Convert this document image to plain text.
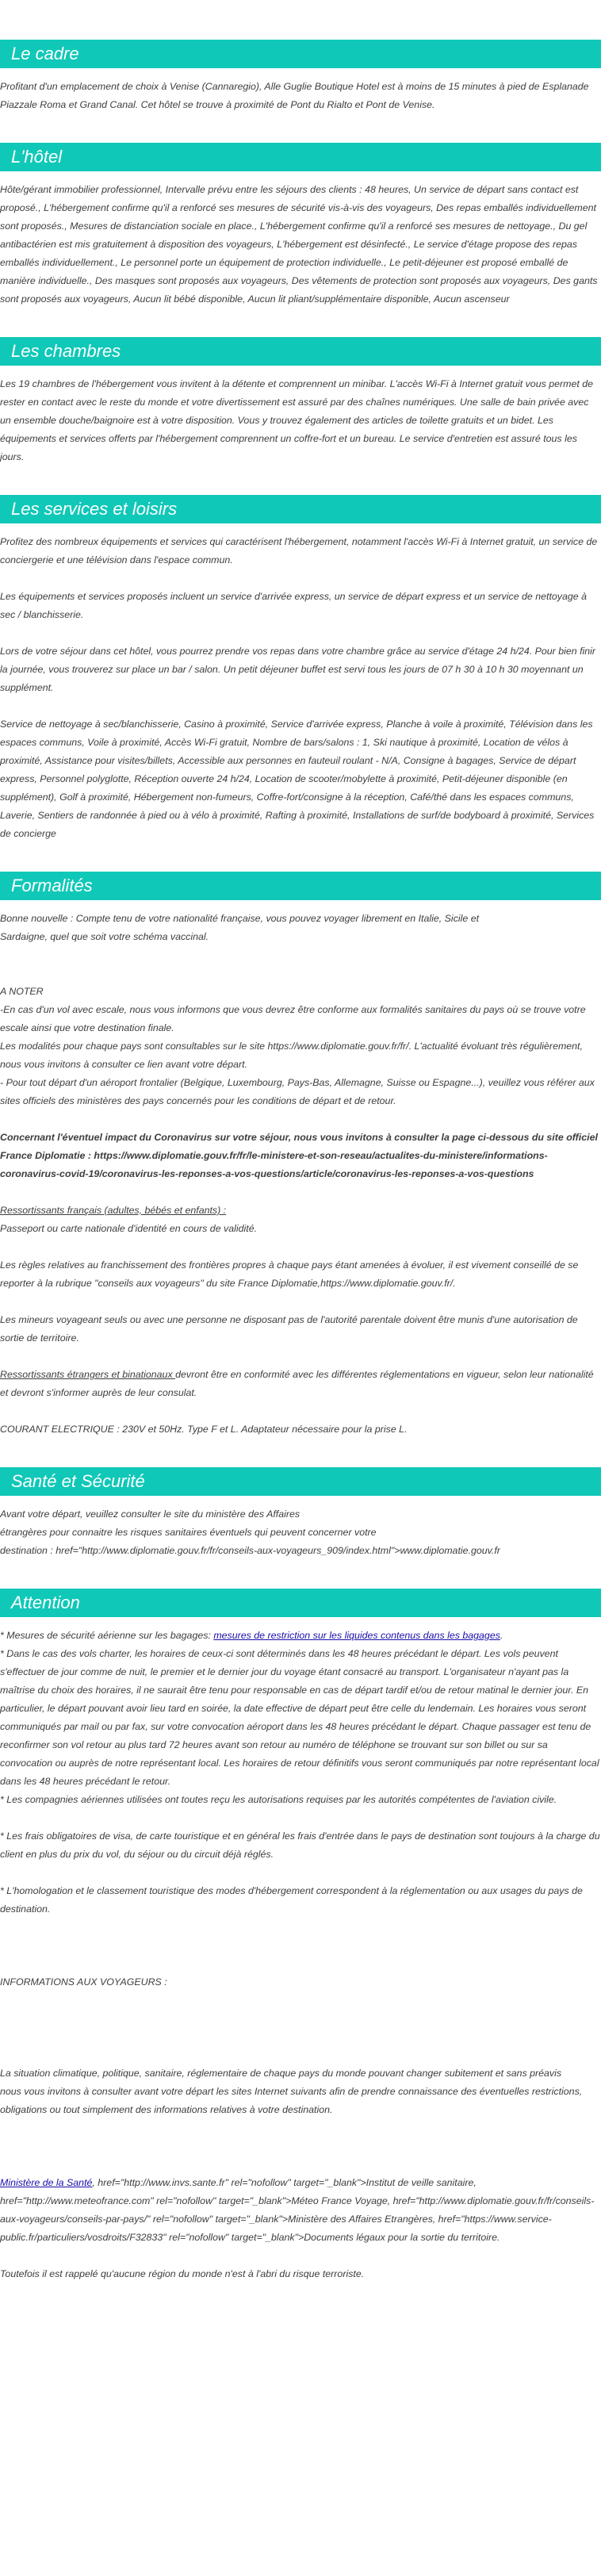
Le cadre

Profitant d'un emplacement de choix à Venise (Cannaregio), Alle Guglie Boutique Hotel est à moins de 15 minutes à pied de Esplanade Piazzale Roma et Grand Canal. Cet hôtel se trouve à proximité de Pont du Rialto et Pont de Venise.

L'hôtel

Hôte/gérant immobilier professionnel, Intervalle prévu entre les séjours des clients : 48 heures, Un service de départ sans contact est proposé., L'hébergement confirme qu'il a renforcé ses mesures de sécurité vis-à-vis des voyageurs, Des repas emballés individuellement sont proposés., Mesures de distanciation sociale en place., L'hébergement confirme qu'il a renforcé ses mesures de nettoyage., Du gel antibactérien est mis gratuitement à disposition des voyageurs, L'hébergement est désinfecté., Le service d'étage propose des repas emballés individuellement., Le personnel porte un équipement de protection individuelle., Le petit-déjeuner est proposé emballé de manière individuelle., Des masques sont proposés aux voyageurs, Des vêtements de protection sont proposés aux voyageurs, Des gants sont proposés aux voyageurs, Aucun lit bébé disponible, Aucun lit pliant/supplémentaire disponible, Aucun ascenseur

Les chambres

Les 19 chambres de l'hébergement vous invitent à la détente et comprennent un minibar. L'accès Wi-Fi à Internet gratuit vous permet de rester en contact avec le reste du monde et votre divertissement est assuré par des chaînes numériques. Une salle de bain privée avec un ensemble douche/baignoire est à votre disposition. Vous y trouvez également des articles de toilette gratuits et un bidet. Les équipements et services offerts par l'hébergement comprennent un coffre-fort et un bureau. Le service d'entretien est assuré tous les jours.

Les services et loisirs

Profitez des nombreux équipements et services qui caractérisent l'hébergement, notamment l'accès Wi-Fi à Internet gratuit, un service de conciergerie et une télévision dans l'espace commun.

Les équipements et services proposés incluent un service d'arrivée express, un service de départ express et un service de nettoyage à sec / blanchisserie.

Lors de votre séjour dans cet hôtel, vous pourrez prendre vos repas dans votre chambre grâce au service d'étage 24 h/24. Pour bien finir la journée, vous trouverez sur place un bar / salon. Un petit déjeuner buffet est servi tous les jours de 07 h 30 à 10 h 30 moyennant un supplément.

Service de nettoyage à sec/blanchisserie, Casino à proximité, Service d'arrivée express, Planche à voile à proximité, Télévision dans les espaces communs, Voile à proximité, Accès Wi-Fi gratuit, Nombre de bars/salons : 1, Ski nautique à proximité, Location de vélos à proximité, Assistance pour visites/billets, Accessible aux personnes en fauteuil roulant - N/A, Consigne à bagages, Service de départ express, Personnel polyglotte, Réception ouverte 24 h/24, Location de scooter/mobylette à proximité, Petit-déjeuner disponible (en supplément), Golf à proximité, Hébergement non-fumeurs, Coffre-fort/consigne à la réception, Café/thé dans les espaces communs, Laverie, Sentiers de randonnée à pied ou à vélo à proximité, Rafting à proximité, Installations de surf/de bodyboard à proximité, Services de concierge

Formalités

Bonne nouvelle : Compte tenu de votre nationalité française, vous pouvez voyager librement en Italie, Sicile et

Sardaigne, quel que soit votre schéma vaccinal.

A NOTER

-En cas d'un vol avec escale, nous vous informons que vous devrez être conforme aux formalités sanitaires du pays où se trouve votre escale ainsi que votre destination finale.

Les modalités pour chaque pays sont consultables sur le site https://www.diplomatie.gouv.fr/fr/. L'actualité évoluant très régulièrement, nous vous invitons à consulter ce lien avant votre départ.

- Pour tout départ d'un aéroport frontalier (Belgique, Luxembourg, Pays-Bas, Allemagne, Suisse ou Espagne...), veuillez vous référer aux sites officiels des ministères des pays concernés pour les conditions de départ et de retour.

Concernant l'éventuel impact du Coronavirus sur votre séjour, nous vous invitons à consulter la page ci-dessous du site officiel France Diplomatie : https://www.diplomatie.gouv.fr/fr/le-ministere-et-son-reseau/actualites-du-ministere/informations-coronavirus-covid-19/coronavirus-les-reponses-a-vos-questions/article/coronavirus-les-reponses-a-vos-questions

Ressortissants français (adultes, bébés et enfants) :

Passeport ou carte nationale d'identité en cours de validité.

Les règles relatives au franchissement des frontières propres à chaque pays étant amenées à évoluer, il est vivement conseillé de se reporter à la rubrique "conseils aux voyageurs" du site France Diplomatie,https://www.diplomatie.gouv.fr/.

Les mineurs voyageant seuls ou avec une personne ne disposant pas de l'autorité parentale doivent être munis d'une autorisation de sortie de territoire.

Ressortissants étrangers et binationaux devront être en conformité avec les différentes réglementations en vigueur, selon leur nationalité et devront s'informer auprès de leur consulat.

COURANT ELECTRIQUE : 230V et 50Hz. Type F et L. Adaptateur nécessaire pour la prise L.

Santé et Sécurité

Avant votre départ, veuillez consulter le site du ministère des Affaires

étrangères pour connaitre les risques sanitaires éventuels qui peuvent concerner votre

destination : href="http://www.diplomatie.gouv.fr/fr/conseils-aux-voyageurs_909/index.html">www.diplomatie.gouv.fr

Attention

* Mesures de sécurité aérienne sur les bagages: mesures de restriction sur les liquides contenus dans les bagages.

* Dans le cas des vols charter, les horaires de ceux-ci sont déterminés dans les 48 heures précédant le départ. Les vols peuvent s'effectuer de jour comme de nuit, le premier et le dernier jour du voyage étant consacré au transport. L'organisateur n'ayant pas la maîtrise du choix des horaires, il ne saurait être tenu pour responsable en cas de départ tardif et/ou de retour matinal le dernier jour. En particulier, le départ pouvant avoir lieu tard en soirée, la date effective de départ peut être celle du lendemain. Les horaires vous seront communiqués par mail ou par fax, sur votre convocation aéroport dans les 48 heures précédant le départ. Chaque passager est tenu de reconfirmer son vol retour au plus tard 72 heures avant son retour au numéro de téléphone se trouvant sur son billet ou sur sa convocation ou auprès de notre représentant local. Les horaires de retour définitifs vous seront communiqués par notre représentant local dans les 48 heures précédant le retour.

* Les compagnies aériennes utilisées ont toutes reçu les autorisations requises par les autorités compétentes de l'aviation civile.

* Les frais obligatoires de visa, de carte touristique et en général les frais d'entrée dans le pays de destination sont toujours à la charge du client en plus du prix du vol, du séjour ou du circuit déjà réglés.

* L'homologation et le classement touristique des modes d'hébergement correspondent à la réglementation ou aux usages du pays de destination.

INFORMATIONS AUX VOYAGEURS :

La situation climatique, politique, sanitaire, réglementaire de chaque pays du monde pouvant changer subitement et sans préavis

nous vous invitons à consulter avant votre départ les sites Internet suivants afin de prendre connaissance des éventuelles restrictions, obligations ou tout simplement des informations relatives à votre destination.

Ministère de la Santé, href="http://www.invs.sante.fr" rel="nofollow" target="_blank">Institut de veille sanitaire, href="http://www.meteofrance.com" rel="nofollow" target="_blank">Méteo France Voyage, href="http://www.diplomatie.gouv.fr/fr/conseils-aux-voyageurs/conseils-par-pays/" rel="nofollow" target="_blank">Ministère des Affaires Etrangères, href="https://www.service-public.fr/particuliers/vosdroits/F32833" rel="nofollow" target="_blank">Documents légaux pour la sortie du territoire.

Toutefois il est rappelé qu'aucune région du monde n'est à l'abri du risque terroriste.
